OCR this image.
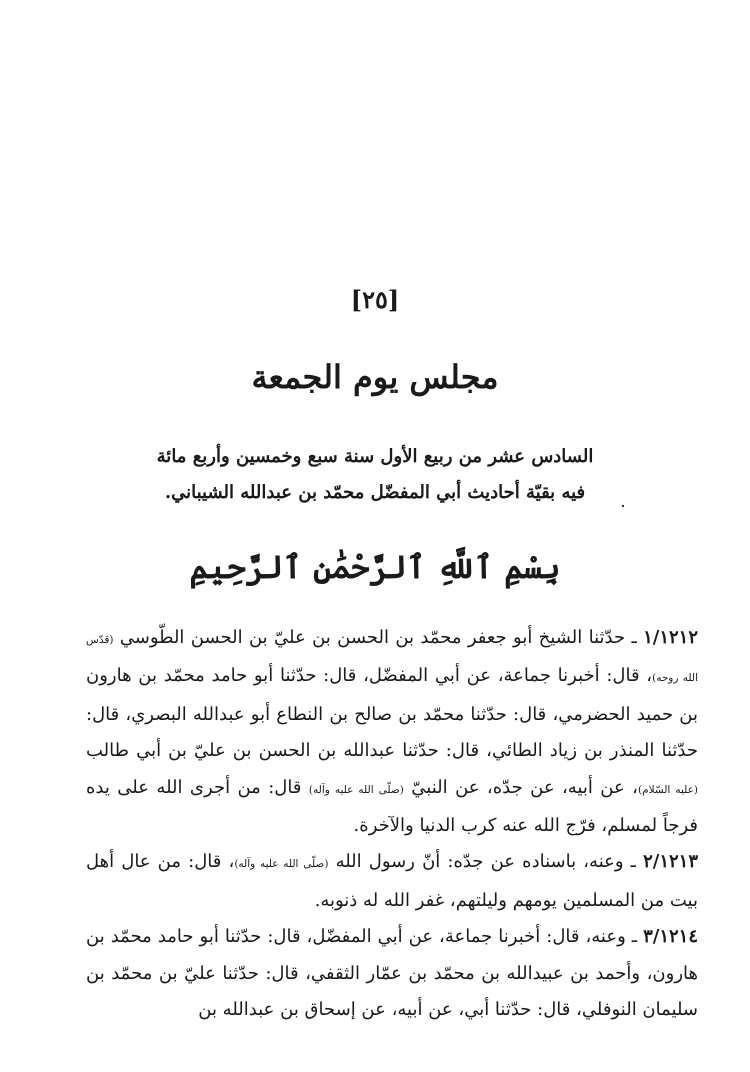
[٢٥]
مجلس يوم الجمعة
السادس عشر من ربيع الأول سنة سبع وخمسين وأربع مائة
فيه بقيّة أحاديث أبي المفضّل محمّد بن عبدالله الشيباني.
بِسْمِ ٱللَّهِ ٱلرَّحْمَٰنِ ٱلرَّحِيمِ

١/١٢١٢ ـ حدّثنا الشيخ أبو جعفر محمّد بن الحسن بن عليّ بن الحسن الطّوسي (قدّس الله روحه)، قال: أخبرنا جماعة، عن أبي المفضّل، قال: حدّثنا أبو حامد محمّد بن هارون بن حميد الحضرمي، قال: حدّثنا محمّد بن صالح بن النطاع أبو عبدالله البصري، قال: حدّثنا المنذر بن زياد الطائي، قال: حدّثنا عبدالله بن الحسن بن عليّ بن أبي طالب (عليه السّلام)، عن أبيه، عن جدّه، عن النبيّ (صلّى الله عليه وآله) قال: من أجرى الله على يده فرجاً لمسلم، فرّج الله عنه كرب الدنيا والآخرة.

٢/١٢١٣ ـ وعنه، باسناده عن جدّه: أنّ رسول الله (صلّى الله عليه وآله)، قال: من عال أهل بيت من المسلمين يومهم وليلتهم، غفر الله له ذنوبه.

٣/١٢١٤ ـ وعنه، قال: أخبرنا جماعة، عن أبي المفضّل، قال: حدّثنا أبو حامد محمّد بن هارون، وأحمد بن عبيدالله بن محمّد بن عمّار الثقفي، قال: حدّثنا عليّ بن محمّد بن سليمان النوفلي، قال: حدّثنا أبي، عن أبيه، عن إسحاق بن عبدالله بن
